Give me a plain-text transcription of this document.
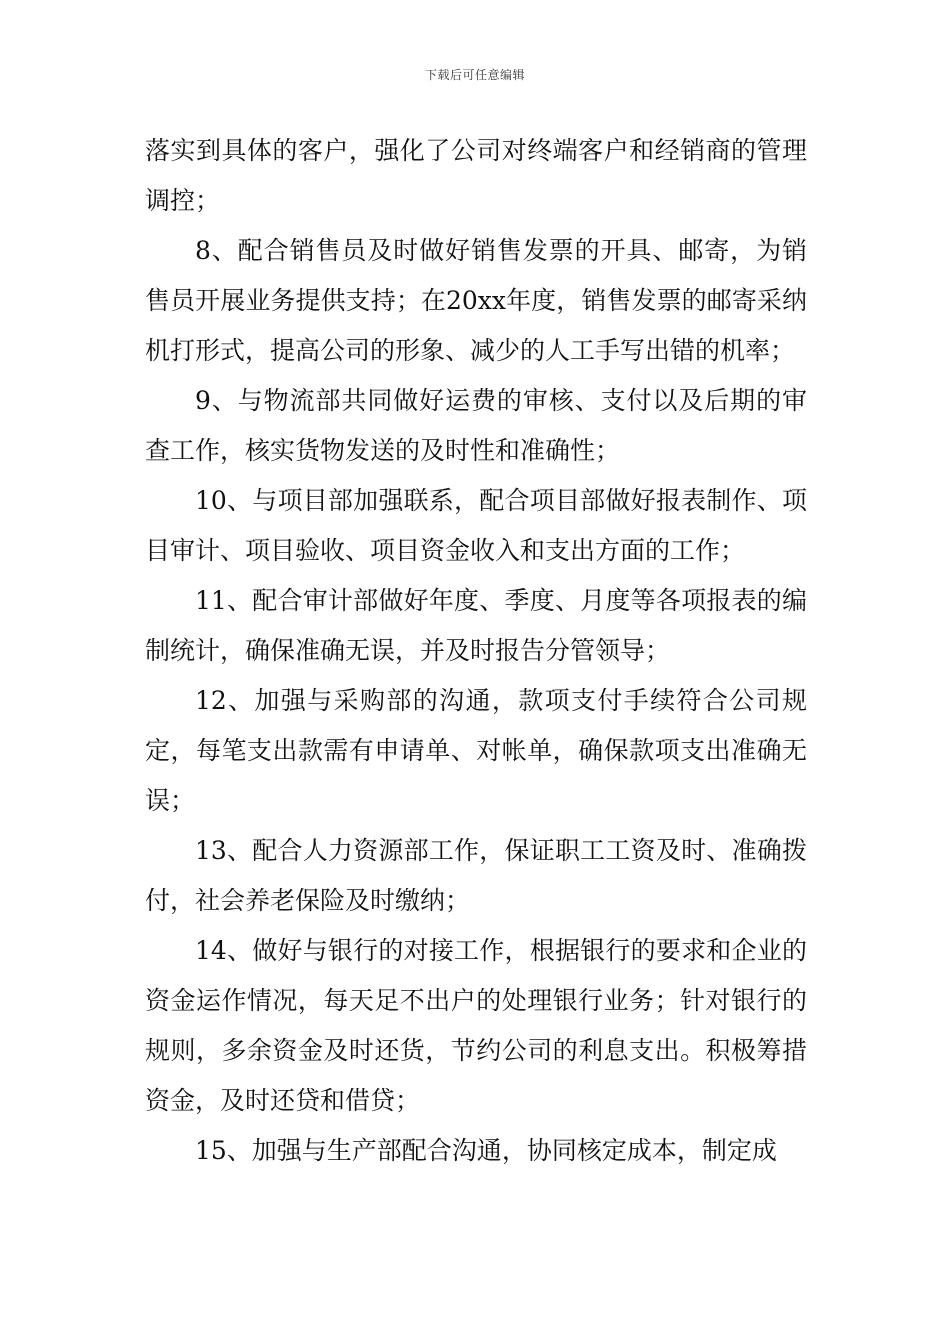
下载后可任意编辑

落实到具体的客户，强化了公司对终端客户和经销商的管理调控；

8、配合销售员及时做好销售发票的开具、邮寄，为销售员开展业务提供支持；在20xx年度，销售发票的邮寄采纳机打形式，提高公司的形象、减少的人工手写出错的机率；

9、与物流部共同做好运费的审核、支付以及后期的审查工作，核实货物发送的及时性和准确性；

10、与项目部加强联系，配合项目部做好报表制作、项目审计、项目验收、项目资金收入和支出方面的工作；

11、配合审计部做好年度、季度、月度等各项报表的编制统计，确保准确无误，并及时报告分管领导；

12、加强与采购部的沟通，款项支付手续符合公司规定，每笔支出款需有申请单、对帐单，确保款项支出准确无误；

13、配合人力资源部工作，保证职工工资及时、准确拨付，社会养老保险及时缴纳；

14、做好与银行的对接工作，根据银行的要求和企业的资金运作情况，每天足不出户的处理银行业务；针对银行的规则，多余资金及时还货，节约公司的利息支出。积极筹措资金，及时还贷和借贷；

15、加强与生产部配合沟通，协同核定成本，制定成
